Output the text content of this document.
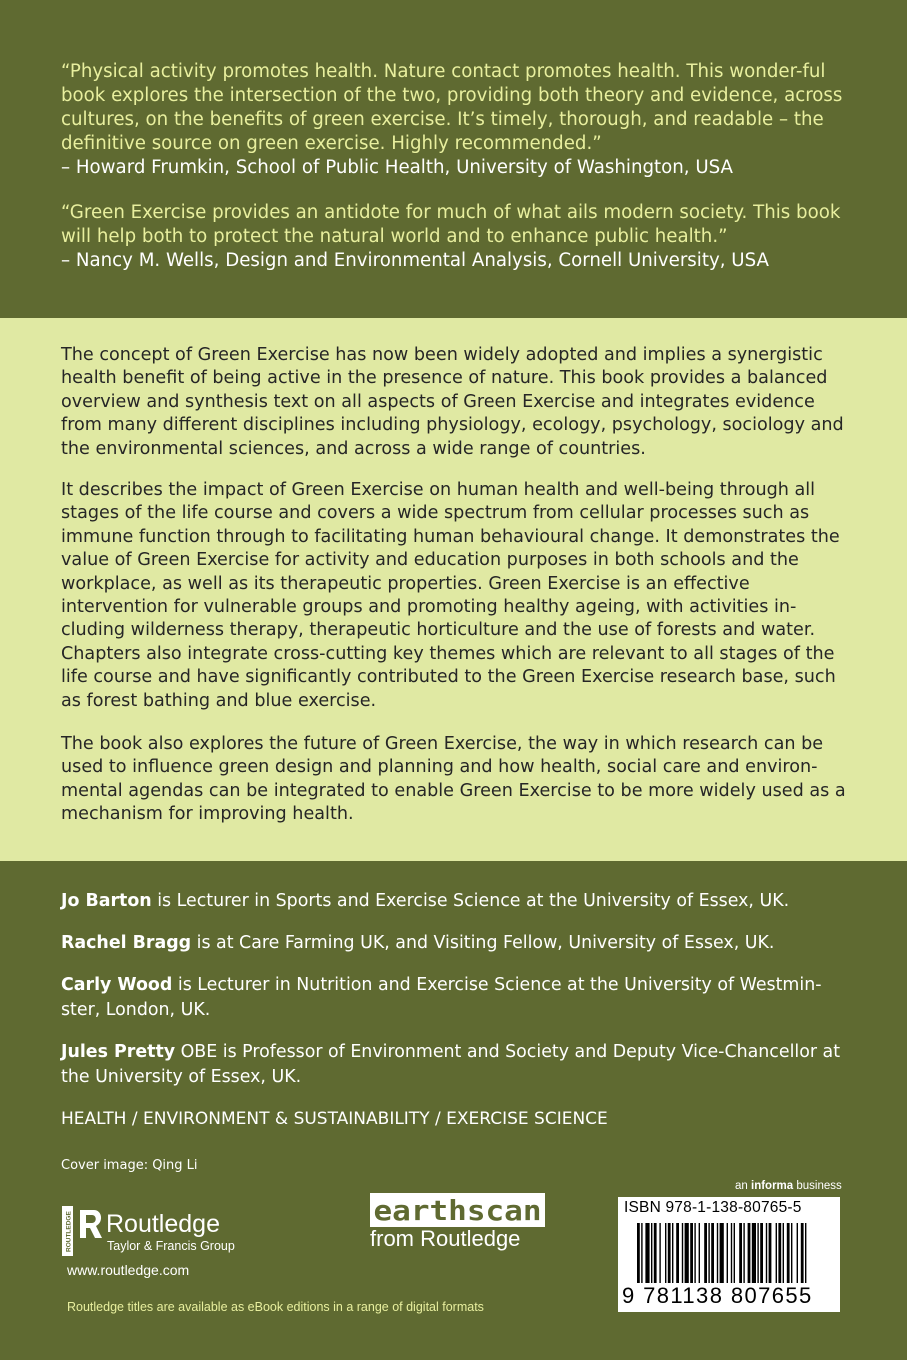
“Physical activity promotes health. Nature contact promotes health. This wonder-ful book explores the intersection of the two, providing both theory and evidence, across cultures, on the benefits of green exercise. It’s timely, thorough, and readable – the definitive source on green exercise. Highly recommended.”
– Howard Frumkin, School of Public Health, University of Washington, USA
“Green Exercise provides an antidote for much of what ails modern society. This book will help both to protect the natural world and to enhance public health.”
– Nancy M. Wells, Design and Environmental Analysis, Cornell University, USA

The concept of Green Exercise has now been widely adopted and implies a synergistic health benefit of being active in the presence of nature. This book provides a balanced overview and synthesis text on all aspects of Green Exercise and integrates evidence from many different disciplines including physiology, ecology, psychology, sociology and the environmental sciences, and across a wide range of countries.

It describes the impact of Green Exercise on human health and well-being through all stages of the life course and covers a wide spectrum from cellular processes such as immune function through to facilitating human behavioural change. It demonstrates the value of Green Exercise for activity and education purposes in both schools and the workplace, as well as its therapeutic properties. Green Exercise is an effective intervention for vulnerable groups and promoting healthy ageing, with activities in-cluding wilderness therapy, therapeutic horticulture and the use of forests and water. Chapters also integrate cross-cutting key themes which are relevant to all stages of the life course and have significantly contributed to the Green Exercise research base, such as forest bathing and blue exercise.

The book also explores the future of Green Exercise, the way in which research can be used to influence green design and planning and how health, social care and environ-mental agendas can be integrated to enable Green Exercise to be more widely used as a mechanism for improving health.

Jo Barton is Lecturer in Sports and Exercise Science at the University of Essex, UK.

Rachel Bragg is at Care Farming UK, and Visiting Fellow, University of Essex, UK.

Carly Wood is Lecturer in Nutrition and Exercise Science at the University of Westmin-ster, London, UK.

Jules Pretty OBE is Professor of Environment and Society and Deputy Vice-Chancellor at the University of Essex, UK.

HEALTH / ENVIRONMENT & SUSTAINABILITY / EXERCISE SCIENCE
Cover image: Qing Li
ROUTLEDGE Routledge
Taylor & Francis Group
www.routledge.com
Routledge titles are available as eBook editions in a range of digital formats
earthscan
from Routledge
an informa business
ISBN 978-1-138-80765-5
9 781138 807655
